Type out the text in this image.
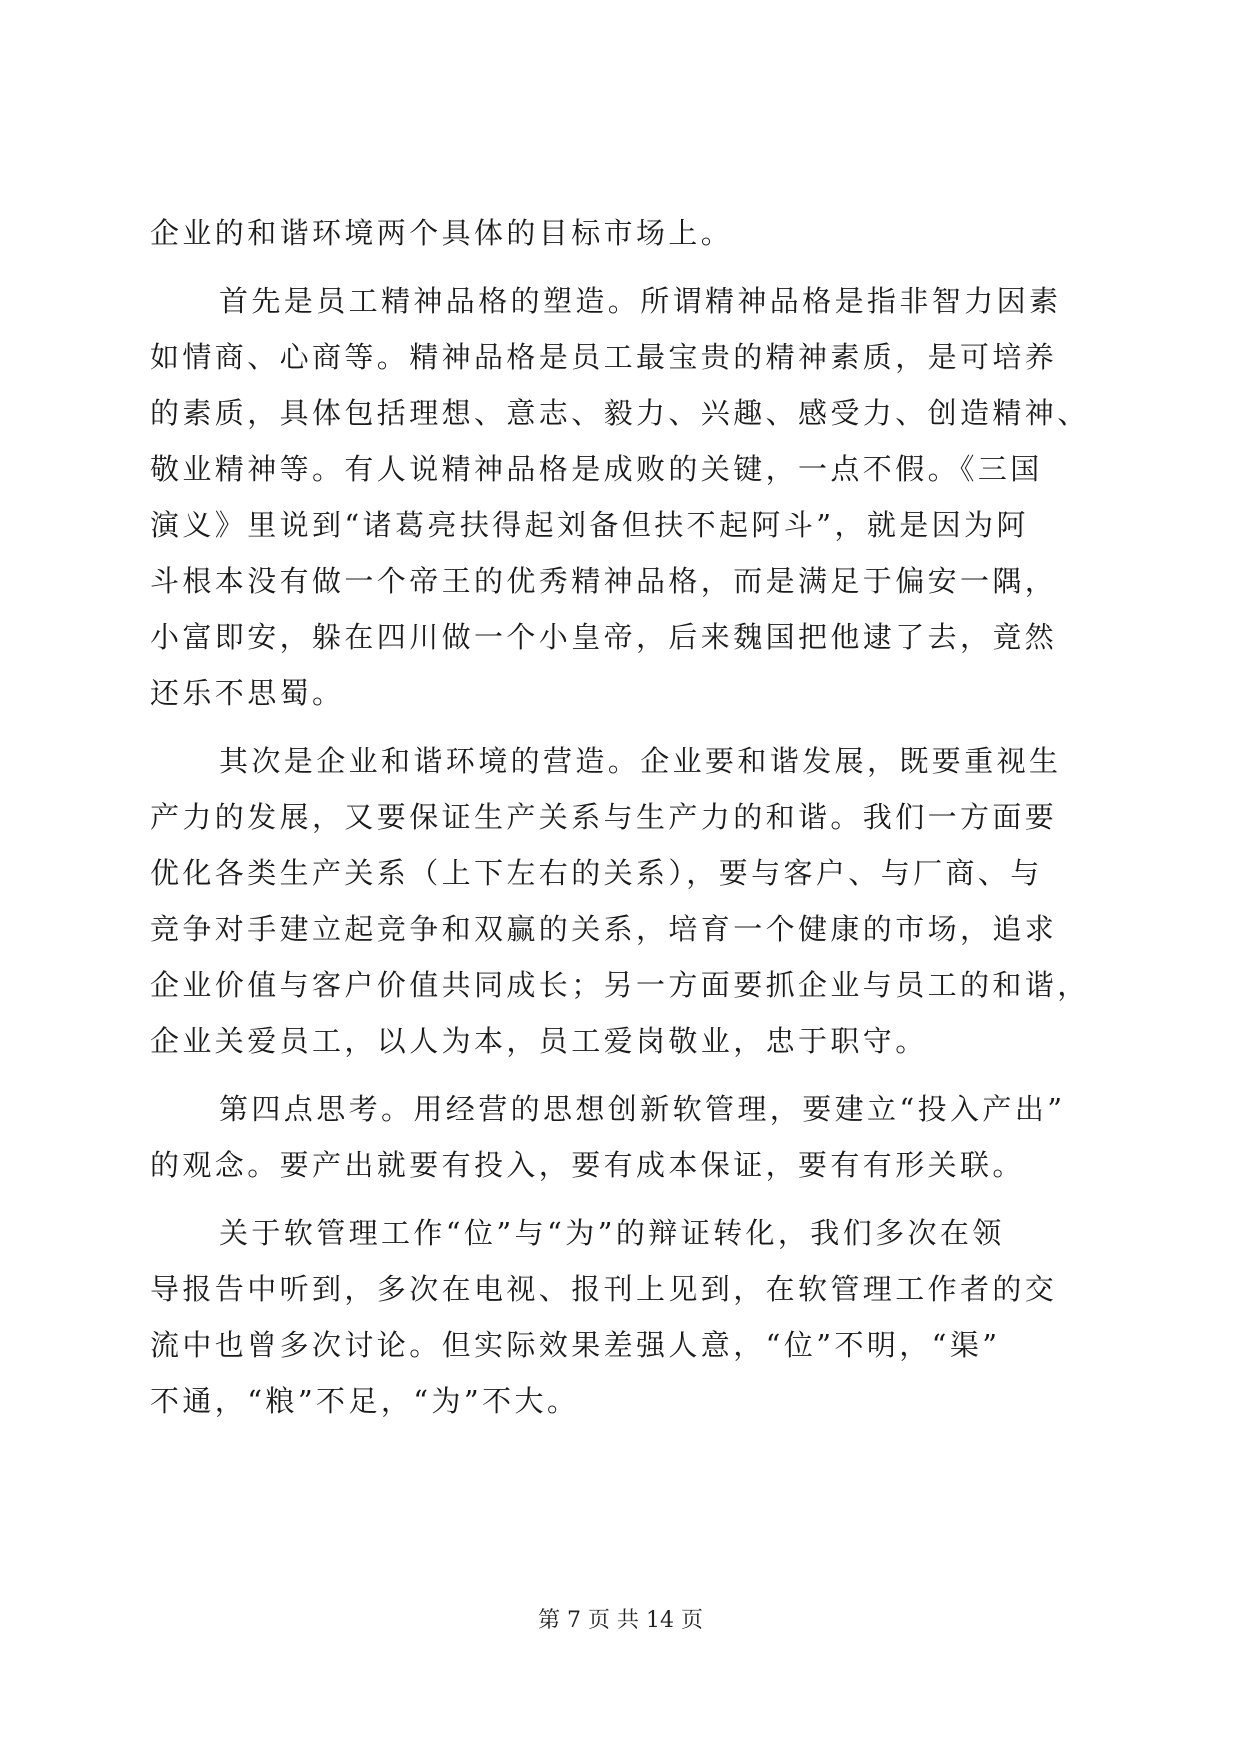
企业的和谐环境两个具体的目标市场上。
首先是员工精神品格的塑造。所谓精神品格是指非智力因素
如情商、心商等。精神品格是员工最宝贵的精神素质，是可培养
的素质，具体包括理想、意志、毅力、兴趣、感受力、创造精神、
敬业精神等。有人说精神品格是成败的关键，一点不假。《三国
演义》里说到“诸葛亮扶得起刘备但扶不起阿斗”，就是因为阿
斗根本没有做一个帝王的优秀精神品格，而是满足于偏安一隅，
小富即安，躲在四川做一个小皇帝，后来魏国把他逮了去，竟然
还乐不思蜀。
其次是企业和谐环境的营造。企业要和谐发展，既要重视生
产力的发展，又要保证生产关系与生产力的和谐。我们一方面要
优化各类生产关系（上下左右的关系），要与客户、与厂商、与
竞争对手建立起竞争和双赢的关系，培育一个健康的市场，追求
企业价值与客户价值共同成长；另一方面要抓企业与员工的和谐，
企业关爱员工，以人为本，员工爱岗敬业，忠于职守。
第四点思考。用经营的思想创新软管理，要建立“投入产出”
的观念。要产出就要有投入，要有成本保证，要有有形关联。
关于软管理工作“位”与“为”的辩证转化，我们多次在领
导报告中听到，多次在电视、报刊上见到，在软管理工作者的交
流中也曾多次讨论。但实际效果差强人意，“位”不明，“渠”
不通，“粮”不足，“为”不大。
第 7 页 共 14 页
